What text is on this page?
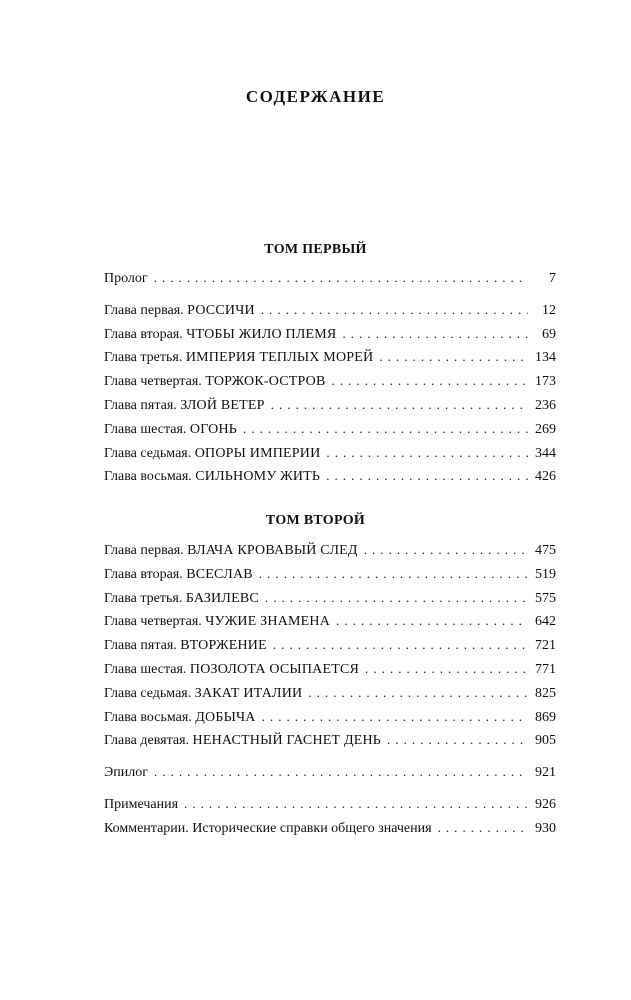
СОДЕРЖАНИЕ
ТОМ ПЕРВЫЙ
Пролог . . .	7
Глава первая. РОССИЧИ . . .	12
Глава вторая. ЧТОБЫ ЖИЛО ПЛЕМЯ . . .	69
Глава третья. ИМПЕРИЯ ТЕПЛЫХ МОРЕЙ . . .	134
Глава четвертая. ТОРЖОК-ОСТРОВ . . .	173
Глава пятая. ЗЛОЙ ВЕТЕР . . .	236
Глава шестая. ОГОНЬ . . .	269
Глава седьмая. ОПОРЫ ИМПЕРИИ . . .	344
Глава восьмая. СИЛЬНОМУ ЖИТЬ . . .	426
ТОМ ВТОРОЙ
Глава первая. ВЛАЧА КРОВАВЫЙ СЛЕД . . .	475
Глава вторая. ВСЕСЛАВ . . .	519
Глава третья. БАЗИЛЕВС . . .	575
Глава четвертая. ЧУЖИЕ ЗНАМЕНА . . .	642
Глава пятая. ВТОРЖЕНИЕ . . .	721
Глава шестая. ПОЗОЛОТА ОСЫПАЕТСЯ . . .	771
Глава седьмая. ЗАКАТ ИТАЛИИ . . .	825
Глава восьмая. ДОБЫЧА . . .	869
Глава девятая. НЕНАСТНЫЙ ГАСНЕТ ДЕНЬ . . .	905
Эпилог . . .	921
Примечания . . .	926
Комментарии. Исторические справки общего значения . . .	930
